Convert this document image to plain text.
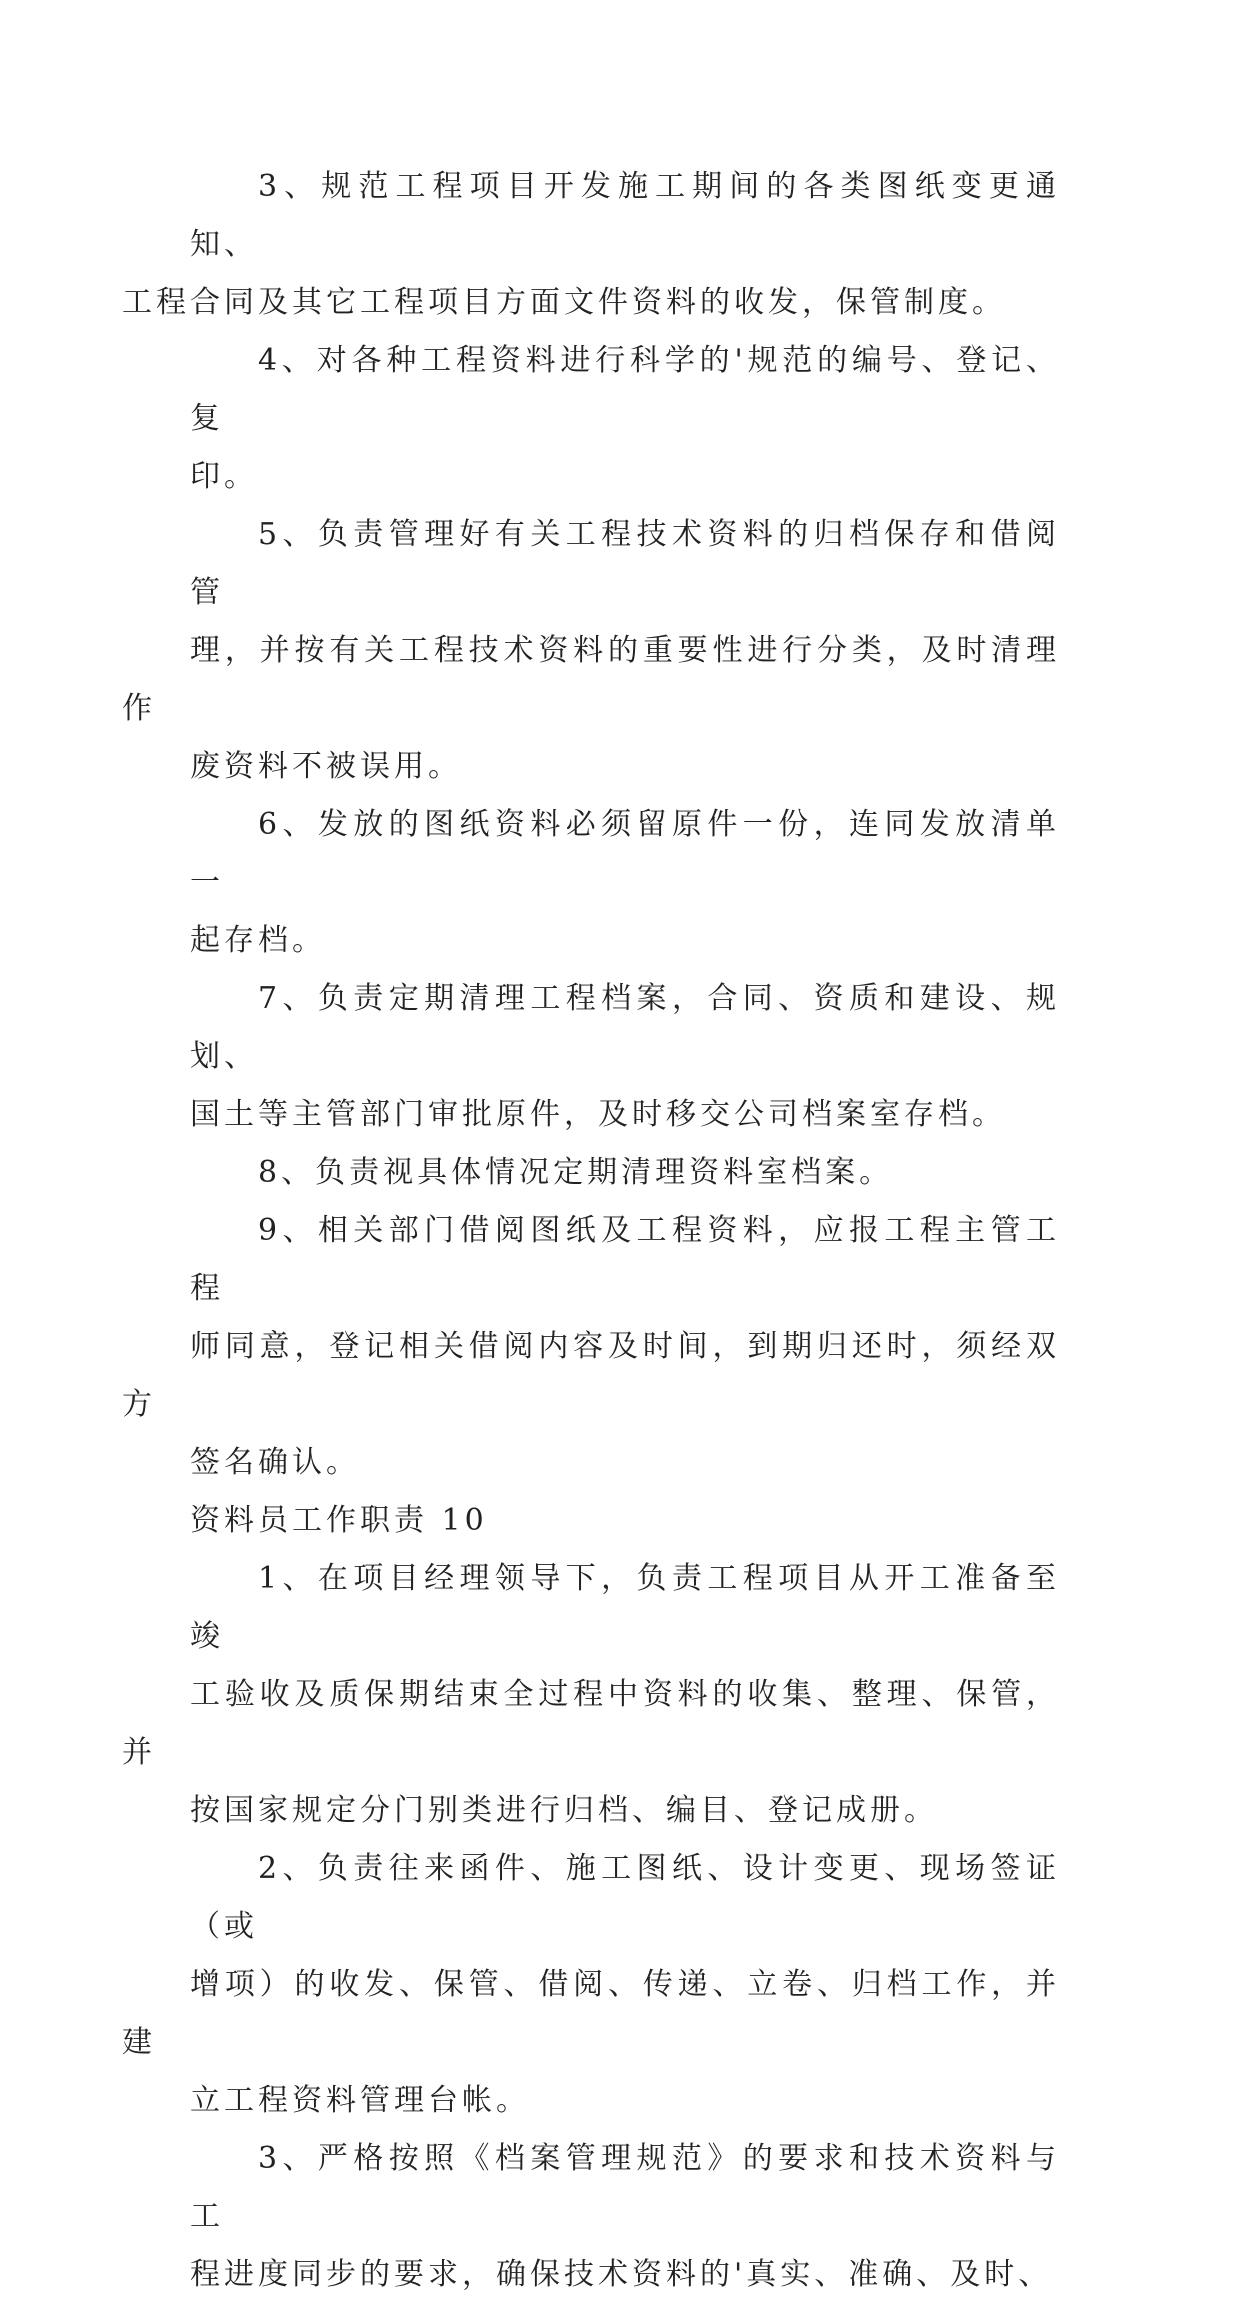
3、规范工程项目开发施工期间的各类图纸变更通知、
工程合同及其它工程项目方面文件资料的收发，保管制度。

4、对各种工程资料进行科学的'规范的编号、登记、复
印。

5、负责管理好有关工程技术资料的归档保存和借阅管
理，并按有关工程技术资料的重要性进行分类，及时清理作
废资料不被误用。

6、发放的图纸资料必须留原件一份，连同发放清单一
起存档。

7、负责定期清理工程档案，合同、资质和建设、规划、
国土等主管部门审批原件，及时移交公司档案室存档。

8、负责视具体情况定期清理资料室档案。

9、相关部门借阅图纸及工程资料，应报工程主管工程
师同意，登记相关借阅内容及时间，到期归还时，须经双方
签名确认。

资料员工作职责 10

1、在项目经理领导下，负责工程项目从开工准备至竣
工验收及质保期结束全过程中资料的收集、整理、保管，并
按国家规定分门别类进行归档、编目、登记成册。

2、负责往来函件、施工图纸、设计变更、现场签证（或
增项）的收发、保管、借阅、传递、立卷、归档工作，并建
立工程资料管理台帐。

3、严格按照《档案管理规范》的要求和技术资料与工
程进度同步的要求，确保技术资料的'真实、准确、及时、
